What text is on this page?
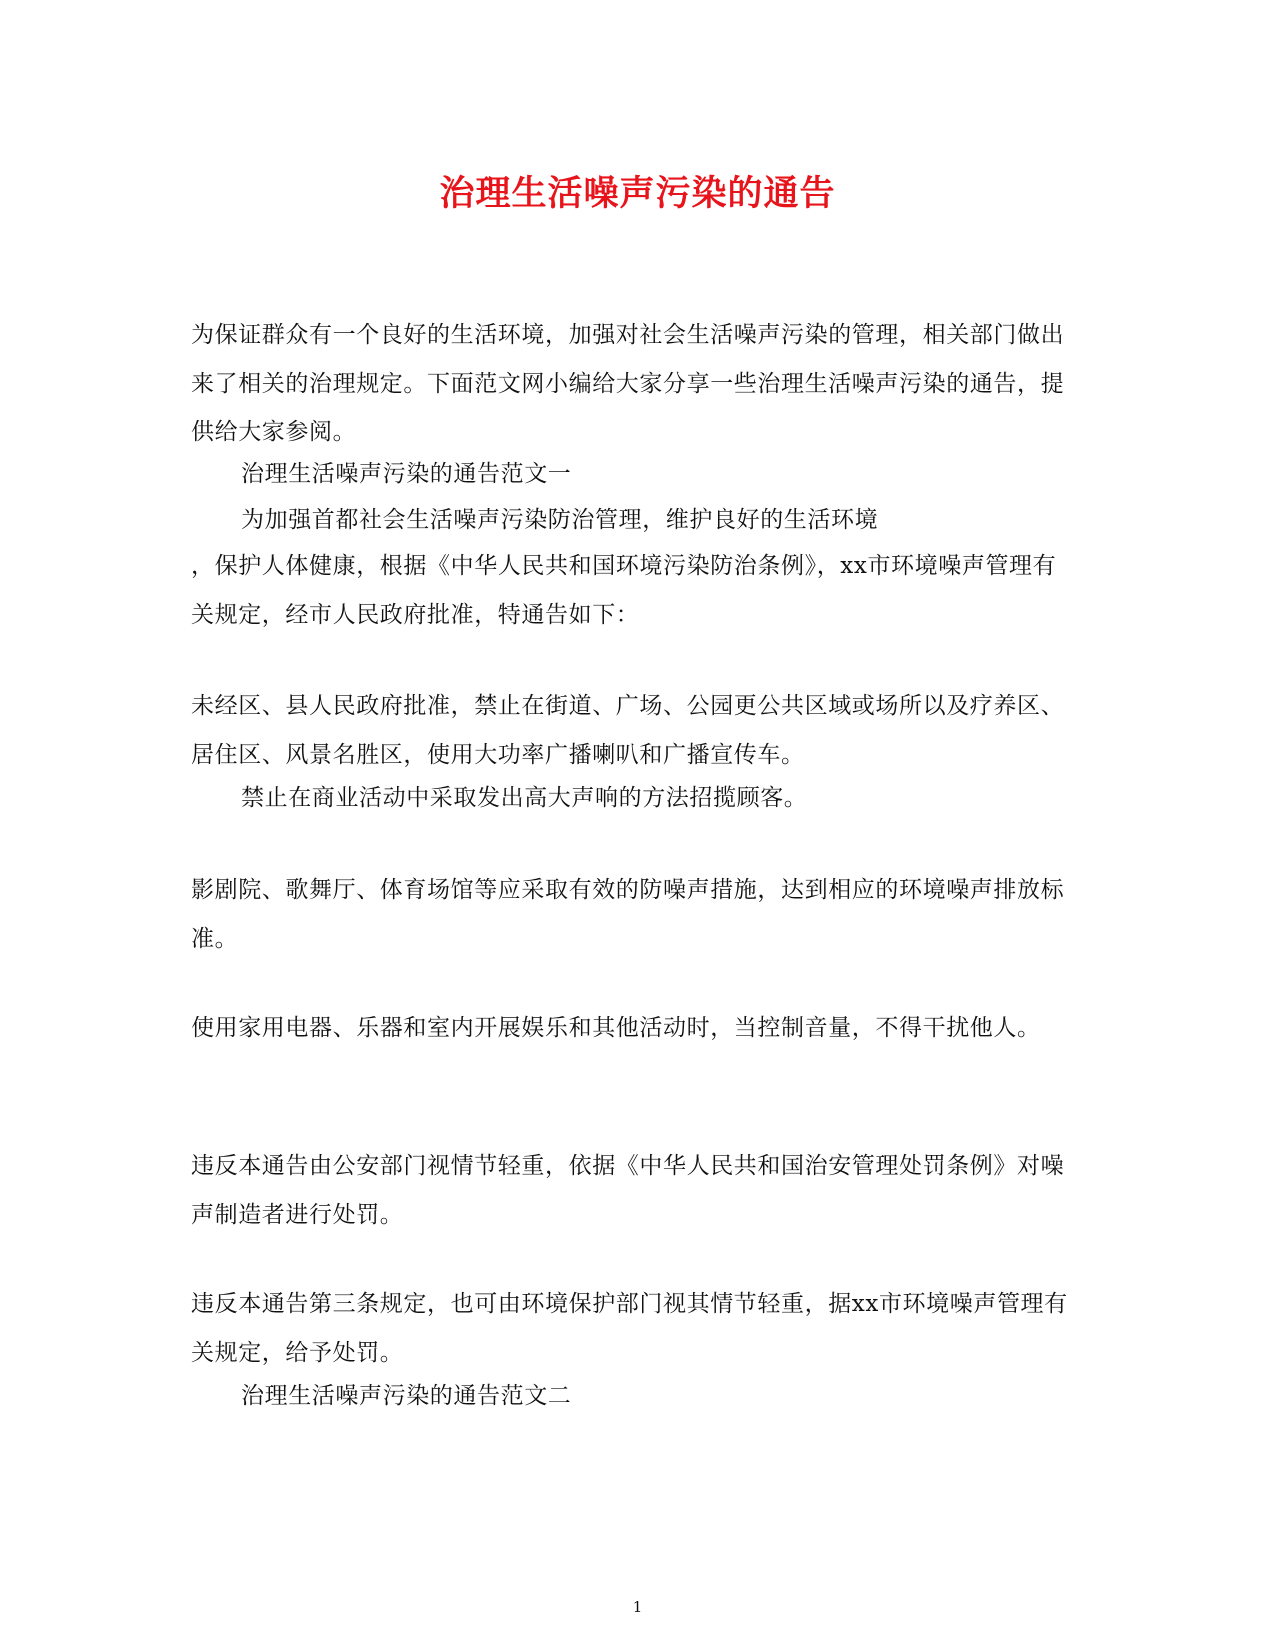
治理生活噪声污染的通告

为保证群众有一个良好的生活环境，加强对社会生活噪声污染的管理，相关部门做出来了相关的治理规定。下面范文网小编给大家分享一些治理生活噪声污染的通告，提供给大家参阅。

治理生活噪声污染的通告范文一

为加强首都社会生活噪声污染防治管理，维护良好的生活环境

，保护人体健康，根据《中华人民共和国环境污染防治条例》，xx市环境噪声管理有关规定，经市人民政府批准，特通告如下：

未经区、县人民政府批准，禁止在街道、广场、公园更公共区域或场所以及疗养区、居住区、风景名胜区，使用大功率广播喇叭和广播宣传车。

禁止在商业活动中采取发出高大声响的方法招揽顾客。

影剧院、歌舞厅、体育场馆等应采取有效的防噪声措施，达到相应的环境噪声排放标准。

使用家用电器、乐器和室内开展娱乐和其他活动时，当控制音量，不得干扰他人。

违反本通告由公安部门视情节轻重，依据《中华人民共和国治安管理处罚条例》对噪声制造者进行处罚。

违反本通告第三条规定，也可由环境保护部门视其情节轻重，据xx市环境噪声管理有关规定，给予处罚。

治理生活噪声污染的通告范文二

1
